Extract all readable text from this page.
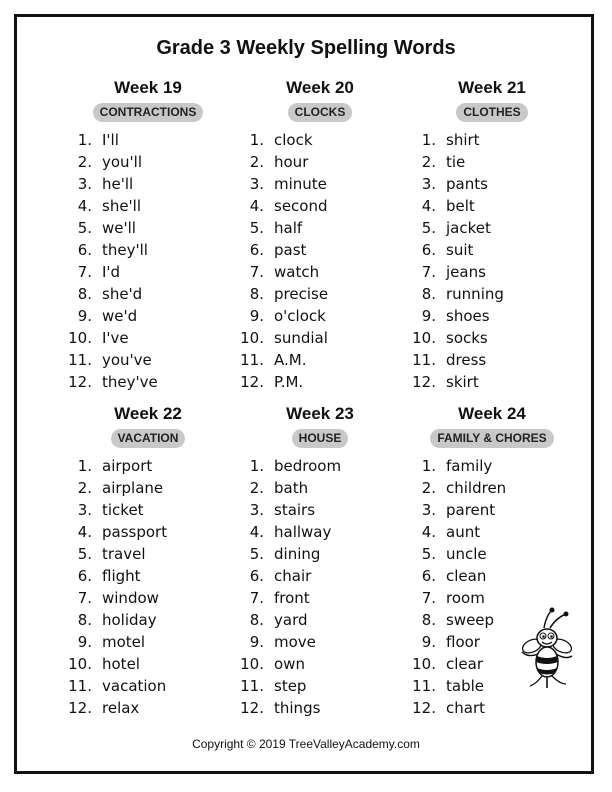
Grade 3 Weekly Spelling Words
Week 19
CONTRACTIONS
1. I'll
2. you'll
3. he'll
4. she'll
5. we'll
6. they'll
7. I'd
8. she'd
9. we'd
10. I've
11. you've
12. they've
Week 20
CLOCKS
1. clock
2. hour
3. minute
4. second
5. half
6. past
7. watch
8. precise
9. o'clock
10. sundial
11. A.M.
12. P.M.
Week 21
CLOTHES
1. shirt
2. tie
3. pants
4. belt
5. jacket
6. suit
7. jeans
8. running
9. shoes
10. socks
11. dress
12. skirt
Week 22
VACATION
1. airport
2. airplane
3. ticket
4. passport
5. travel
6. flight
7. window
8. holiday
9. motel
10. hotel
11. vacation
12. relax
Week 23
HOUSE
1. bedroom
2. bath
3. stairs
4. hallway
5. dining
6. chair
7. front
8. yard
9. move
10. own
11. step
12. things
Week 24
FAMILY & CHORES
1. family
2. children
3. parent
4. aunt
5. uncle
6. clean
7. room
8. sweep
9. floor
10. clear
11. table
12. chart
Copyright © 2019 TreeValleyAcademy.com
